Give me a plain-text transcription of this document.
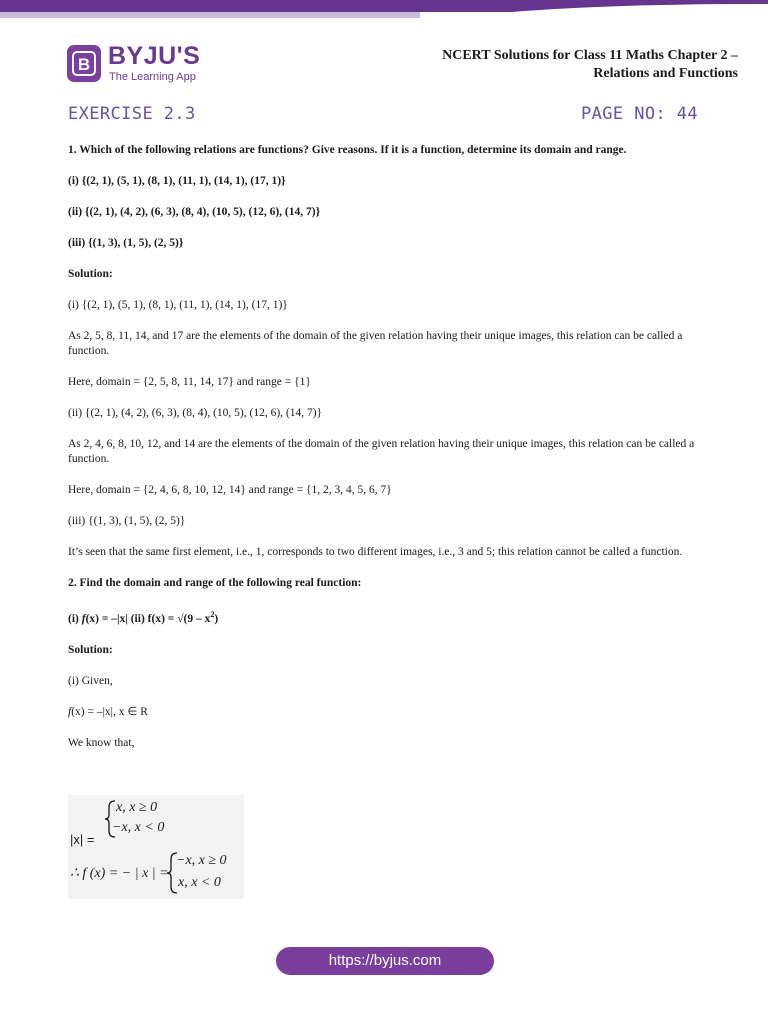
B BYJU'S
The Learning App
NCERT Solutions for Class 11 Maths Chapter 2 –
Relations and Functions
EXERCISE 2.3	PAGE NO: 44

1. Which of the following relations are functions? Give reasons. If it is a function, determine its domain and range.

(i) {(2, 1), (5, 1), (8, 1), (11, 1), (14, 1), (17, 1)}

(ii) {(2, 1), (4, 2), (6, 3), (8, 4), (10, 5), (12, 6), (14, 7)}

(iii) {(1, 3), (1, 5), (2, 5)}

Solution:

(i) {(2, 1), (5, 1), (8, 1), (11, 1), (14, 1), (17, 1)}

As 2, 5, 8, 11, 14, and 17 are the elements of the domain of the given relation having their unique images, this relation can be called a function.

Here, domain = {2, 5, 8, 11, 14, 17} and range = {1}

(ii) {(2, 1), (4, 2), (6, 3), (8, 4), (10, 5), (12, 6), (14, 7)}

As 2, 4, 6, 8, 10, 12, and 14 are the elements of the domain of the given relation having their unique images, this relation can be called a function.

Here, domain = {2, 4, 6, 8, 10, 12, 14} and range = {1, 2, 3, 4, 5, 6, 7}

(iii) {(1, 3), (1, 5), (2, 5)}

It’s seen that the same first element, i.e., 1, corresponds to two different images, i.e., 3 and 5; this relation cannot be called a function.

2. Find the domain and range of the following real function:

(i) f(x) = –|x| (ii) $f(x) = √(9 - x^2)$

Solution:

(i) Given,

f(x) = –|x|, x ∈ R

We know that,

x, x ≥ 0
−x, x < 0
|x| =
∴ f (x) = − | x | =
−x, x ≥ 0
x, x < 0
https://byjus.com
